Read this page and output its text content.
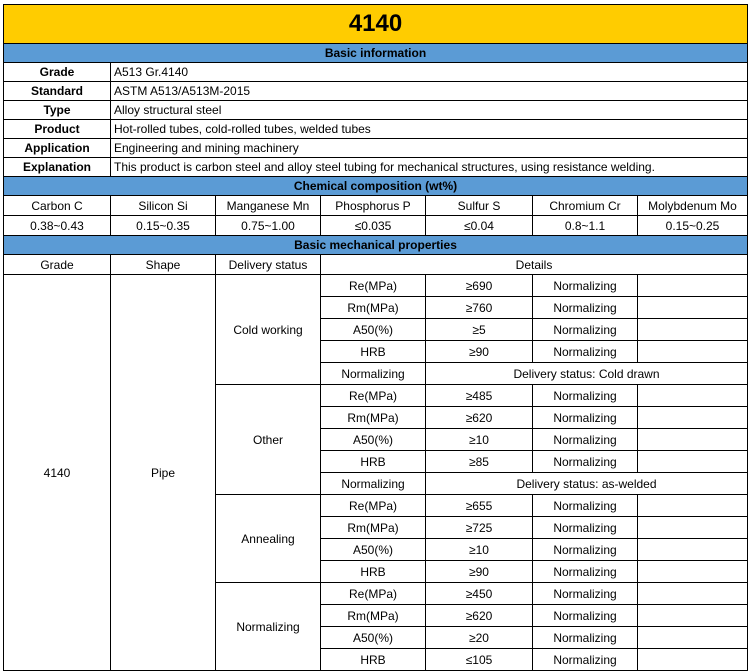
4140						
Basic information						
Grade	A513 Gr.4140					
Standard	ASTM A513/A513M-2015					
Type	Alloy structural steel					
Product	Hot-rolled tubes, cold-rolled tubes, welded tubes					
Application	Engineering and mining machinery					
Explanation	This product is carbon steel and alloy steel tubing for mechanical structures, using resistance welding.					
Chemical composition (wt%)						
Carbon C	Silicon Si	Manganese Mn	Phosphorus P	Sulfur S	Chromium Cr	Molybdenum Mo
0.38~0.43	0.15~0.35	0.75~1.00	≤0.035	≤0.04	0.8~1.1	0.15~0.25
Basic mechanical properties						
Grade	Shape	Delivery status	Details			
4140	Pipe	Cold working	Re(MPa)	≥690	Normalizing	
			Rm(MPa)	≥760	Normalizing	
			A50(%)	≥5	Normalizing	
			HRB	≥90	Normalizing	
			Normalizing	Delivery status: Cold drawn		
		Other	Re(MPa)	≥485	Normalizing	
			Rm(MPa)	≥620	Normalizing	
			A50(%)	≥10	Normalizing	
			HRB	≥85	Normalizing	
			Normalizing	Delivery status: as-welded		
		Annealing	Re(MPa)	≥655	Normalizing	
			Rm(MPa)	≥725	Normalizing	
			A50(%)	≥10	Normalizing	
			HRB	≥90	Normalizing	
		Normalizing	Re(MPa)	≥450	Normalizing	
			Rm(MPa)	≥620	Normalizing	
			A50(%)	≥20	Normalizing	
			HRB	≤105	Normalizing	
